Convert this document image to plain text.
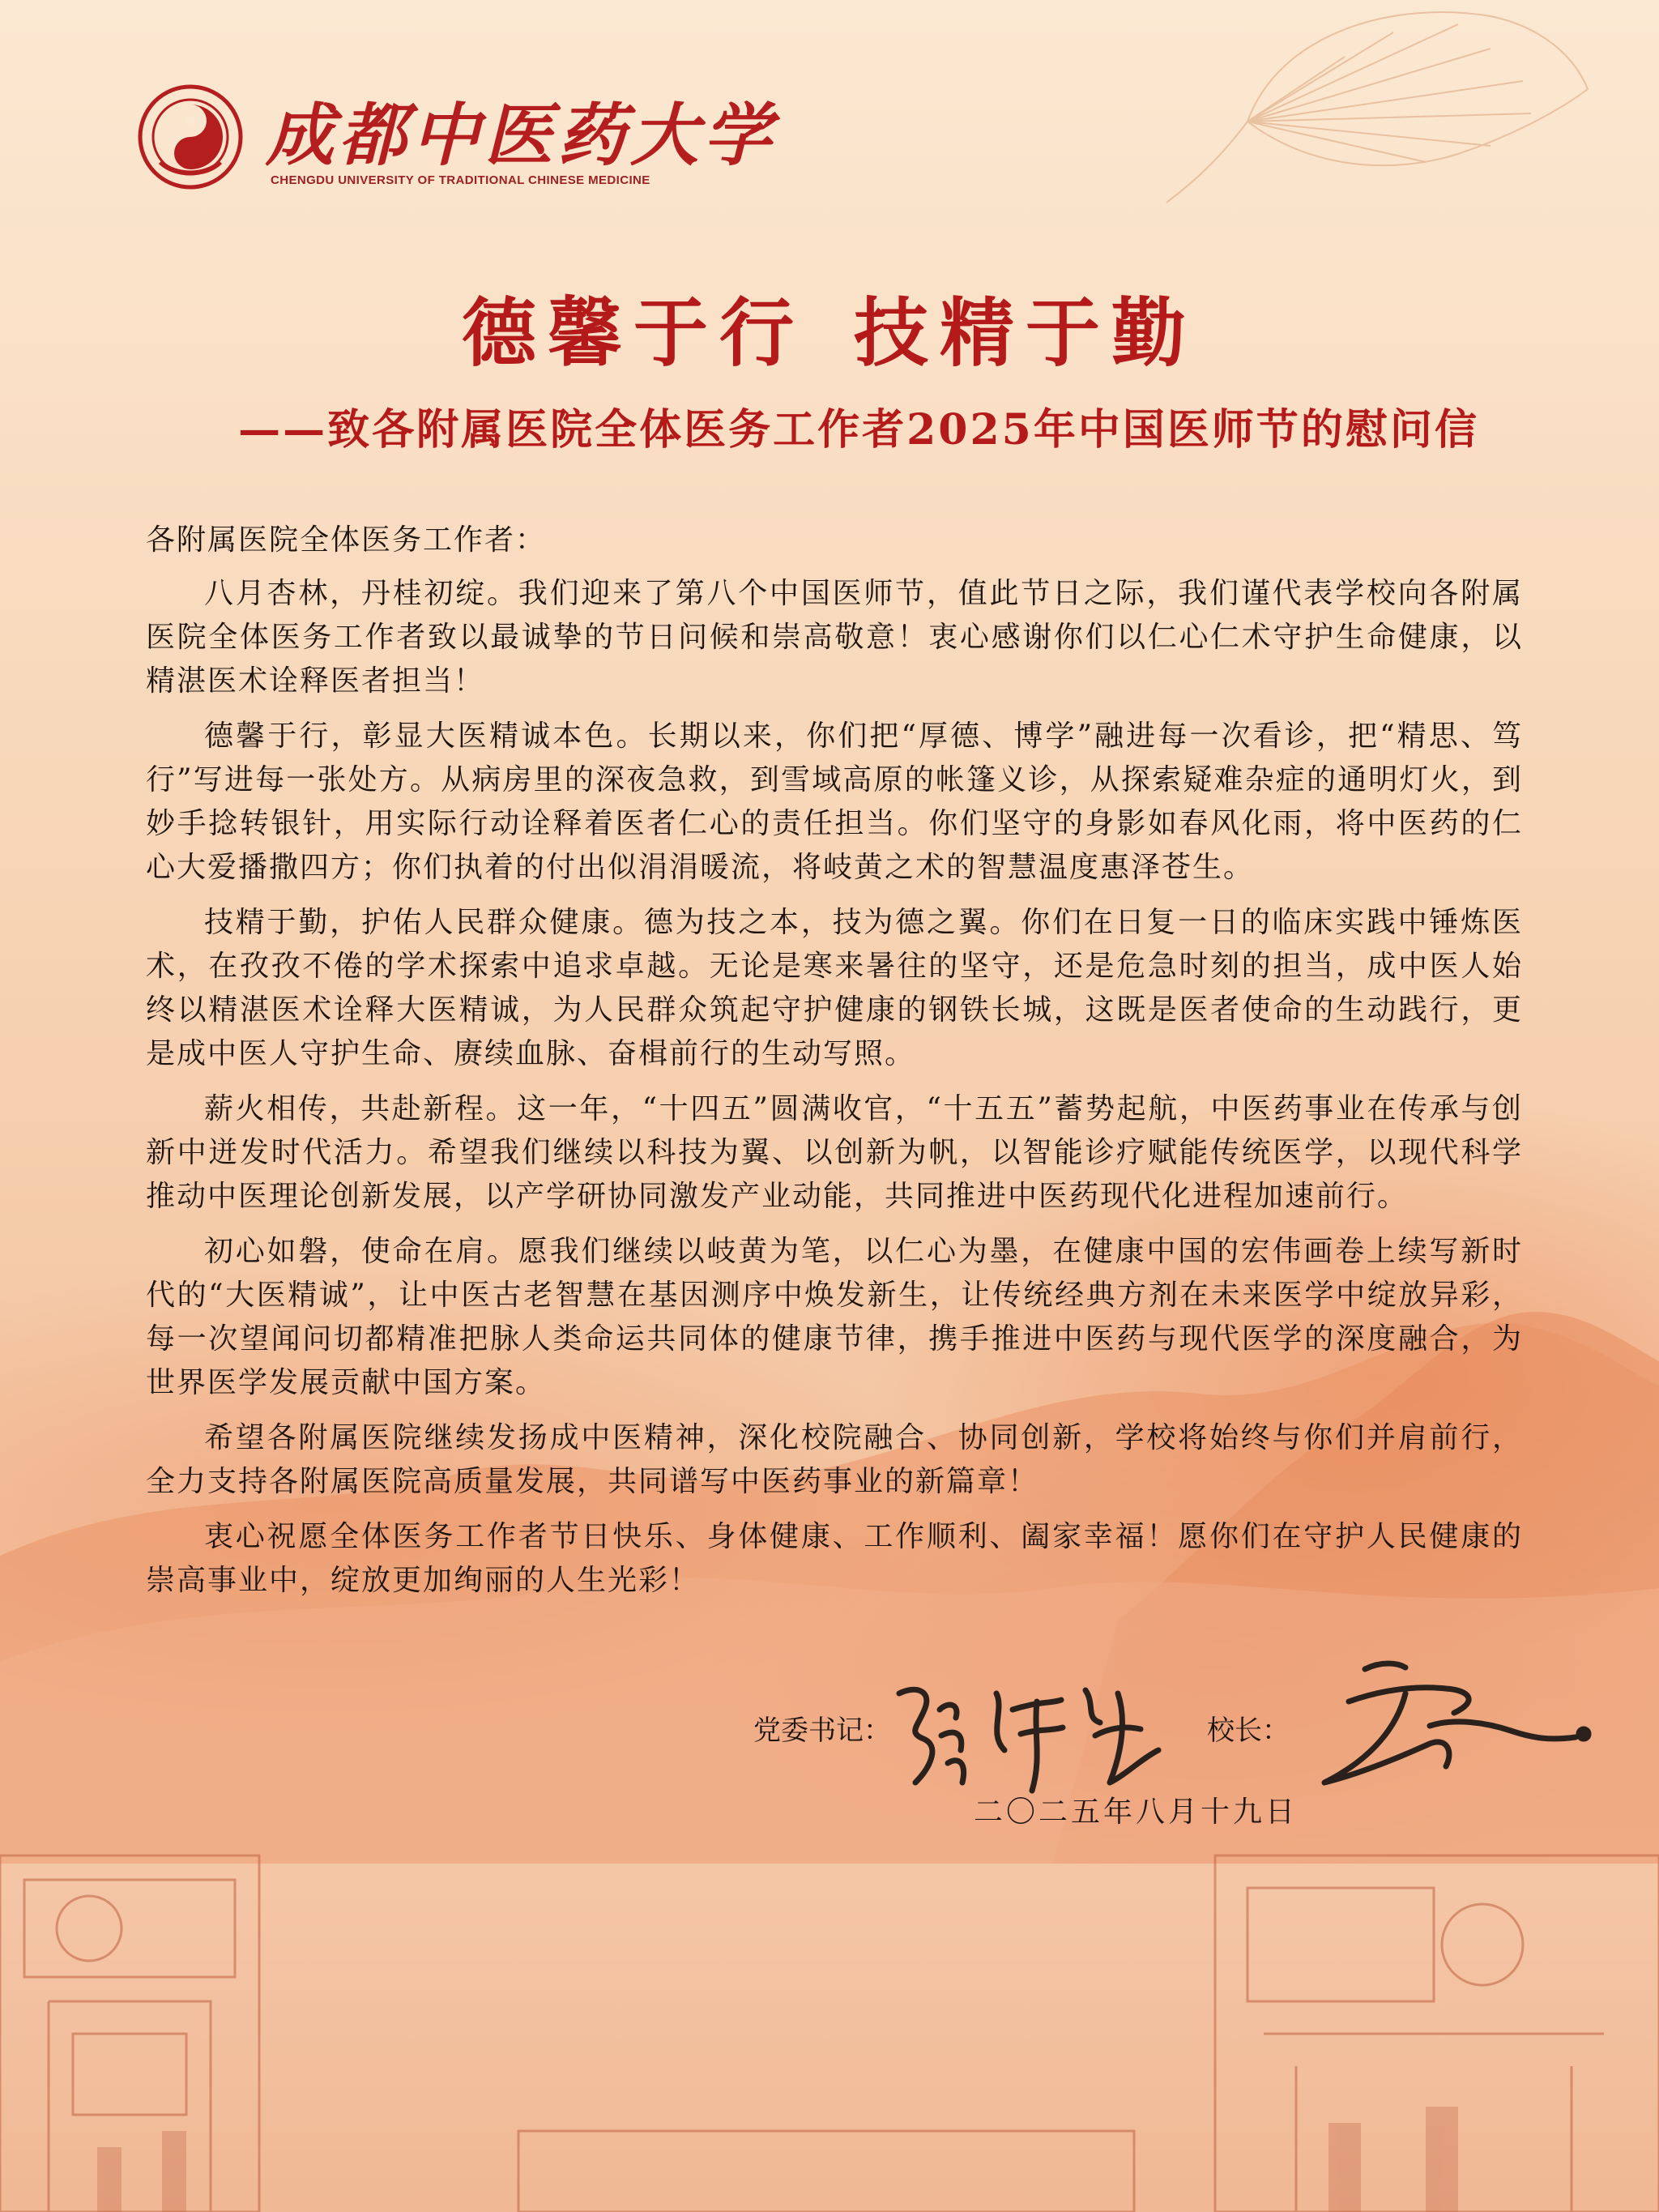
成都中医药大学
CHENGDU UNIVERSITY OF TRADITIONAL CHINESE MEDICINE
德馨于行 技精于勤
——致各附属医院全体医务工作者2025年中国医师节的慰问信

各附属医院全体医务工作者：

八月杏林，丹桂初绽。我们迎来了第八个中国医师节，值此节日之际，我们谨代表学校向各附属医院全体医务工作者致以最诚挚的节日问候和崇高敬意！衷心感谢你们以仁心仁术守护生命健康，以精湛医术诠释医者担当！

德馨于行，彰显大医精诚本色。长期以来，你们把“厚德、博学”融进每一次看诊，把“精思、笃行”写进每一张处方。从病房里的深夜急救，到雪域高原的帐篷义诊，从探索疑难杂症的通明灯火，到妙手捻转银针，用实际行动诠释着医者仁心的责任担当。你们坚守的身影如春风化雨，将中医药的仁心大爱播撒四方；你们执着的付出似涓涓暖流，将岐黄之术的智慧温度惠泽苍生。

技精于勤，护佑人民群众健康。德为技之本，技为德之翼。你们在日复一日的临床实践中锤炼医术，在孜孜不倦的学术探索中追求卓越。无论是寒来暑往的坚守，还是危急时刻的担当，成中医人始终以精湛医术诠释大医精诚，为人民群众筑起守护健康的钢铁长城，这既是医者使命的生动践行，更是成中医人守护生命、赓续血脉、奋楫前行的生动写照。

薪火相传，共赴新程。这一年，“十四五”圆满收官，“十五五”蓄势起航，中医药事业在传承与创新中迸发时代活力。希望我们继续以科技为翼、以创新为帆，以智能诊疗赋能传统医学，以现代科学推动中医理论创新发展，以产学研协同激发产业动能，共同推进中医药现代化进程加速前行。

初心如磐，使命在肩。愿我们继续以岐黄为笔，以仁心为墨，在健康中国的宏伟画卷上续写新时代的“大医精诚”，让中医古老智慧在基因测序中焕发新生，让传统经典方剂在未来医学中绽放异彩，每一次望闻问切都精准把脉人类命运共同体的健康节律，携手推进中医药与现代医学的深度融合，为世界医学发展贡献中国方案。

希望各附属医院继续发扬成中医精神，深化校院融合、协同创新，学校将始终与你们并肩前行，全力支持各附属医院高质量发展，共同谱写中医药事业的新篇章！

衷心祝愿全体医务工作者节日快乐、身体健康、工作顺利、阖家幸福！愿你们在守护人民健康的崇高事业中，绽放更加绚丽的人生光彩！

党委书记：	校长：
二〇二五年八月十九日
